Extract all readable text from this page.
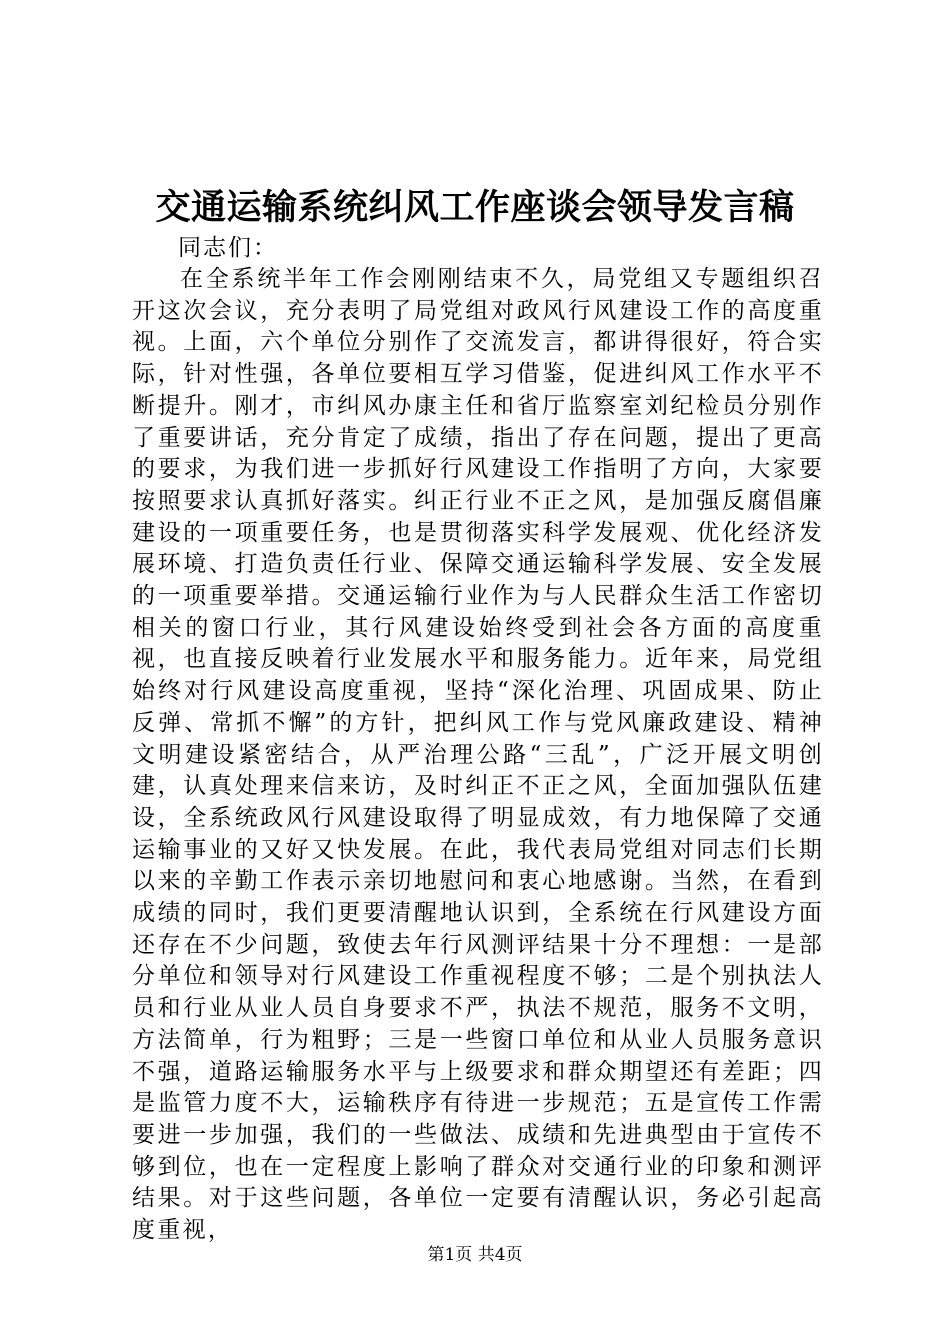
交通运输系统纠风工作座谈会领导发言稿

同志们：

在全系统半年工作会刚刚结束不久，局党组又专题组织召开这次会议，充分表明了局党组对政风行风建设工作的高度重视。上面，六个单位分别作了交流发言，都讲得很好，符合实际，针对性强，各单位要相互学习借鉴，促进纠风工作水平不断提升。刚才，市纠风办康主任和省厅监察室刘纪检员分别作了重要讲话，充分肯定了成绩，指出了存在问题，提出了更高的要求，为我们进一步抓好行风建设工作指明了方向，大家要按照要求认真抓好落实。纠正行业不正之风，是加强反腐倡廉建设的一项重要任务，也是贯彻落实科学发展观、优化经济发展环境、打造负责任行业、保障交通运输科学发展、安全发展的一项重要举措。交通运输行业作为与人民群众生活工作密切相关的窗口行业，其行风建设始终受到社会各方面的高度重视，也直接反映着行业发展水平和服务能力。近年来，局党组始终对行风建设高度重视，坚持“深化治理、巩固成果、防止反弹、常抓不懈”的方针，把纠风工作与党风廉政建设、精神文明建设紧密结合，从严治理公路“三乱”，广泛开展文明创建，认真处理来信来访，及时纠正不正之风，全面加强队伍建设，全系统政风行风建设取得了明显成效，有力地保障了交通运输事业的又好又快发展。在此，我代表局党组对同志们长期以来的辛勤工作表示亲切地慰问和衷心地感谢。当然，在看到成绩的同时，我们更要清醒地认识到，全系统在行风建设方面还存在不少问题，致使去年行风测评结果十分不理想：一是部分单位和领导对行风建设工作重视程度不够；二是个别执法人员和行业从业人员自身要求不严，执法不规范，服务不文明，方法简单，行为粗野；三是一些窗口单位和从业人员服务意识不强，道路运输服务水平与上级要求和群众期望还有差距；四是监管力度不大，运输秩序有待进一步规范；五是宣传工作需要进一步加强，我们的一些做法、成绩和先进典型由于宣传不够到位，也在一定程度上影响了群众对交通行业的印象和测评结果。对于这些问题，各单位一定要有清醒认识，务必引起高度重视，

第1页 共4页
